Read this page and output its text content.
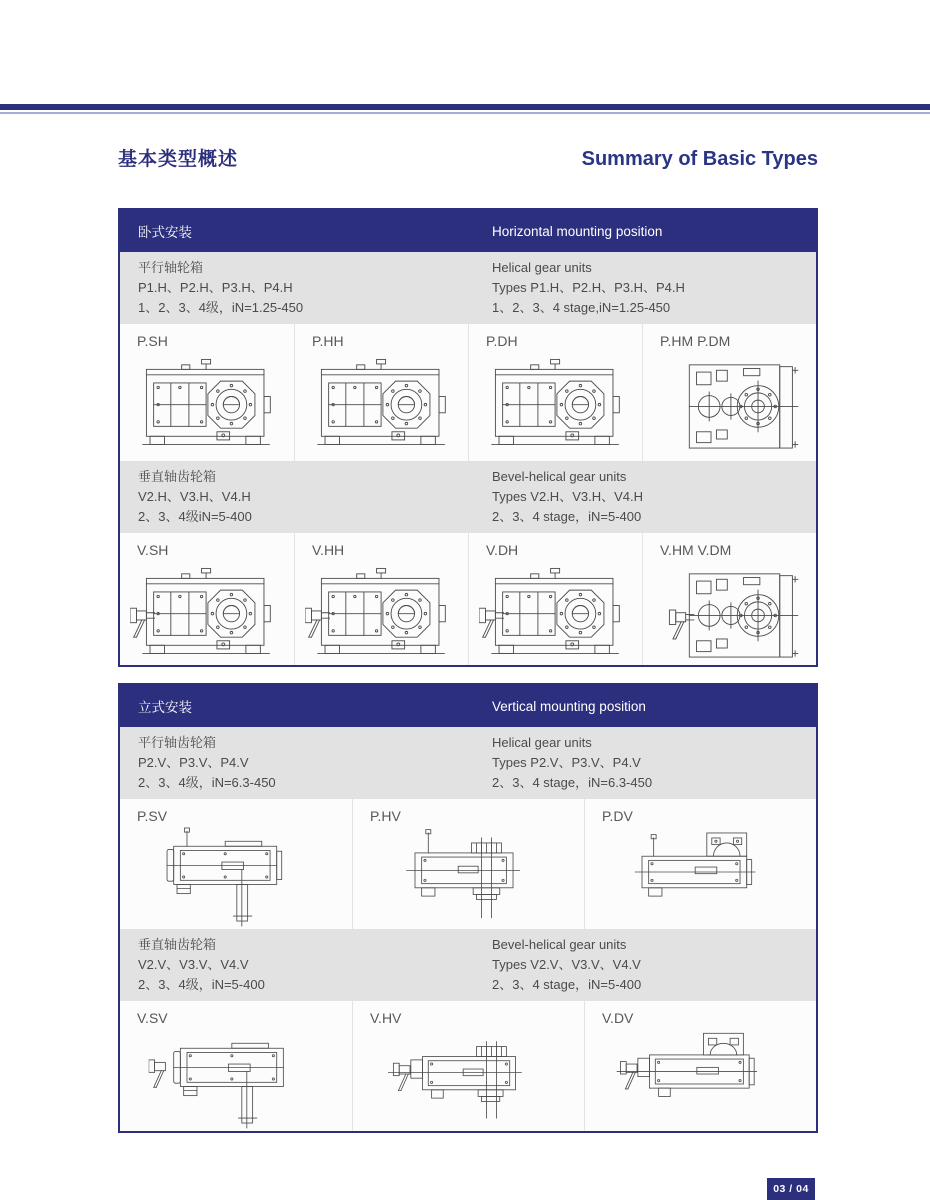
基本类型概述	Summary of Basic Types
卧式安装	Horizontal mounting position
平行轴轮箱
P1.H、P2.H、P3.H、P4.H
1、2、3、4级，iN=1.25-450
Helical gear units
Types P1.H、P2.H、P3.H、P4.H
1、2、3、4 stage,iN=1.25-450
P.SH	P.HH	P.DH	P.HM P.DM
垂直轴齿轮箱
V2.H、V3.H、V4.H
2、3、4级iN=5-400
Bevel-helical gear units
Types V2.H、V3.H、V4.H
2、3、4 stage，iN=5-400
V.SH	V.HH	V.DH	V.HM V.DM
立式安装	Vertical mounting position
平行轴齿轮箱
P2.V、P3.V、P4.V
2、3、4级，iN=6.3-450
Helical gear units
Types P2.V、P3.V、P4.V
2、3、4 stage，iN=6.3-450
P.SV	P.HV	P.DV
垂直轴齿轮箱
V2.V、V3.V、V4.V
2、3、4级，iN=5-400
Bevel-helical gear units
Types V2.V、V3.V、V4.V
2、3、4 stage，iN=5-400
V.SV	V.HV	V.DV
03 / 04
